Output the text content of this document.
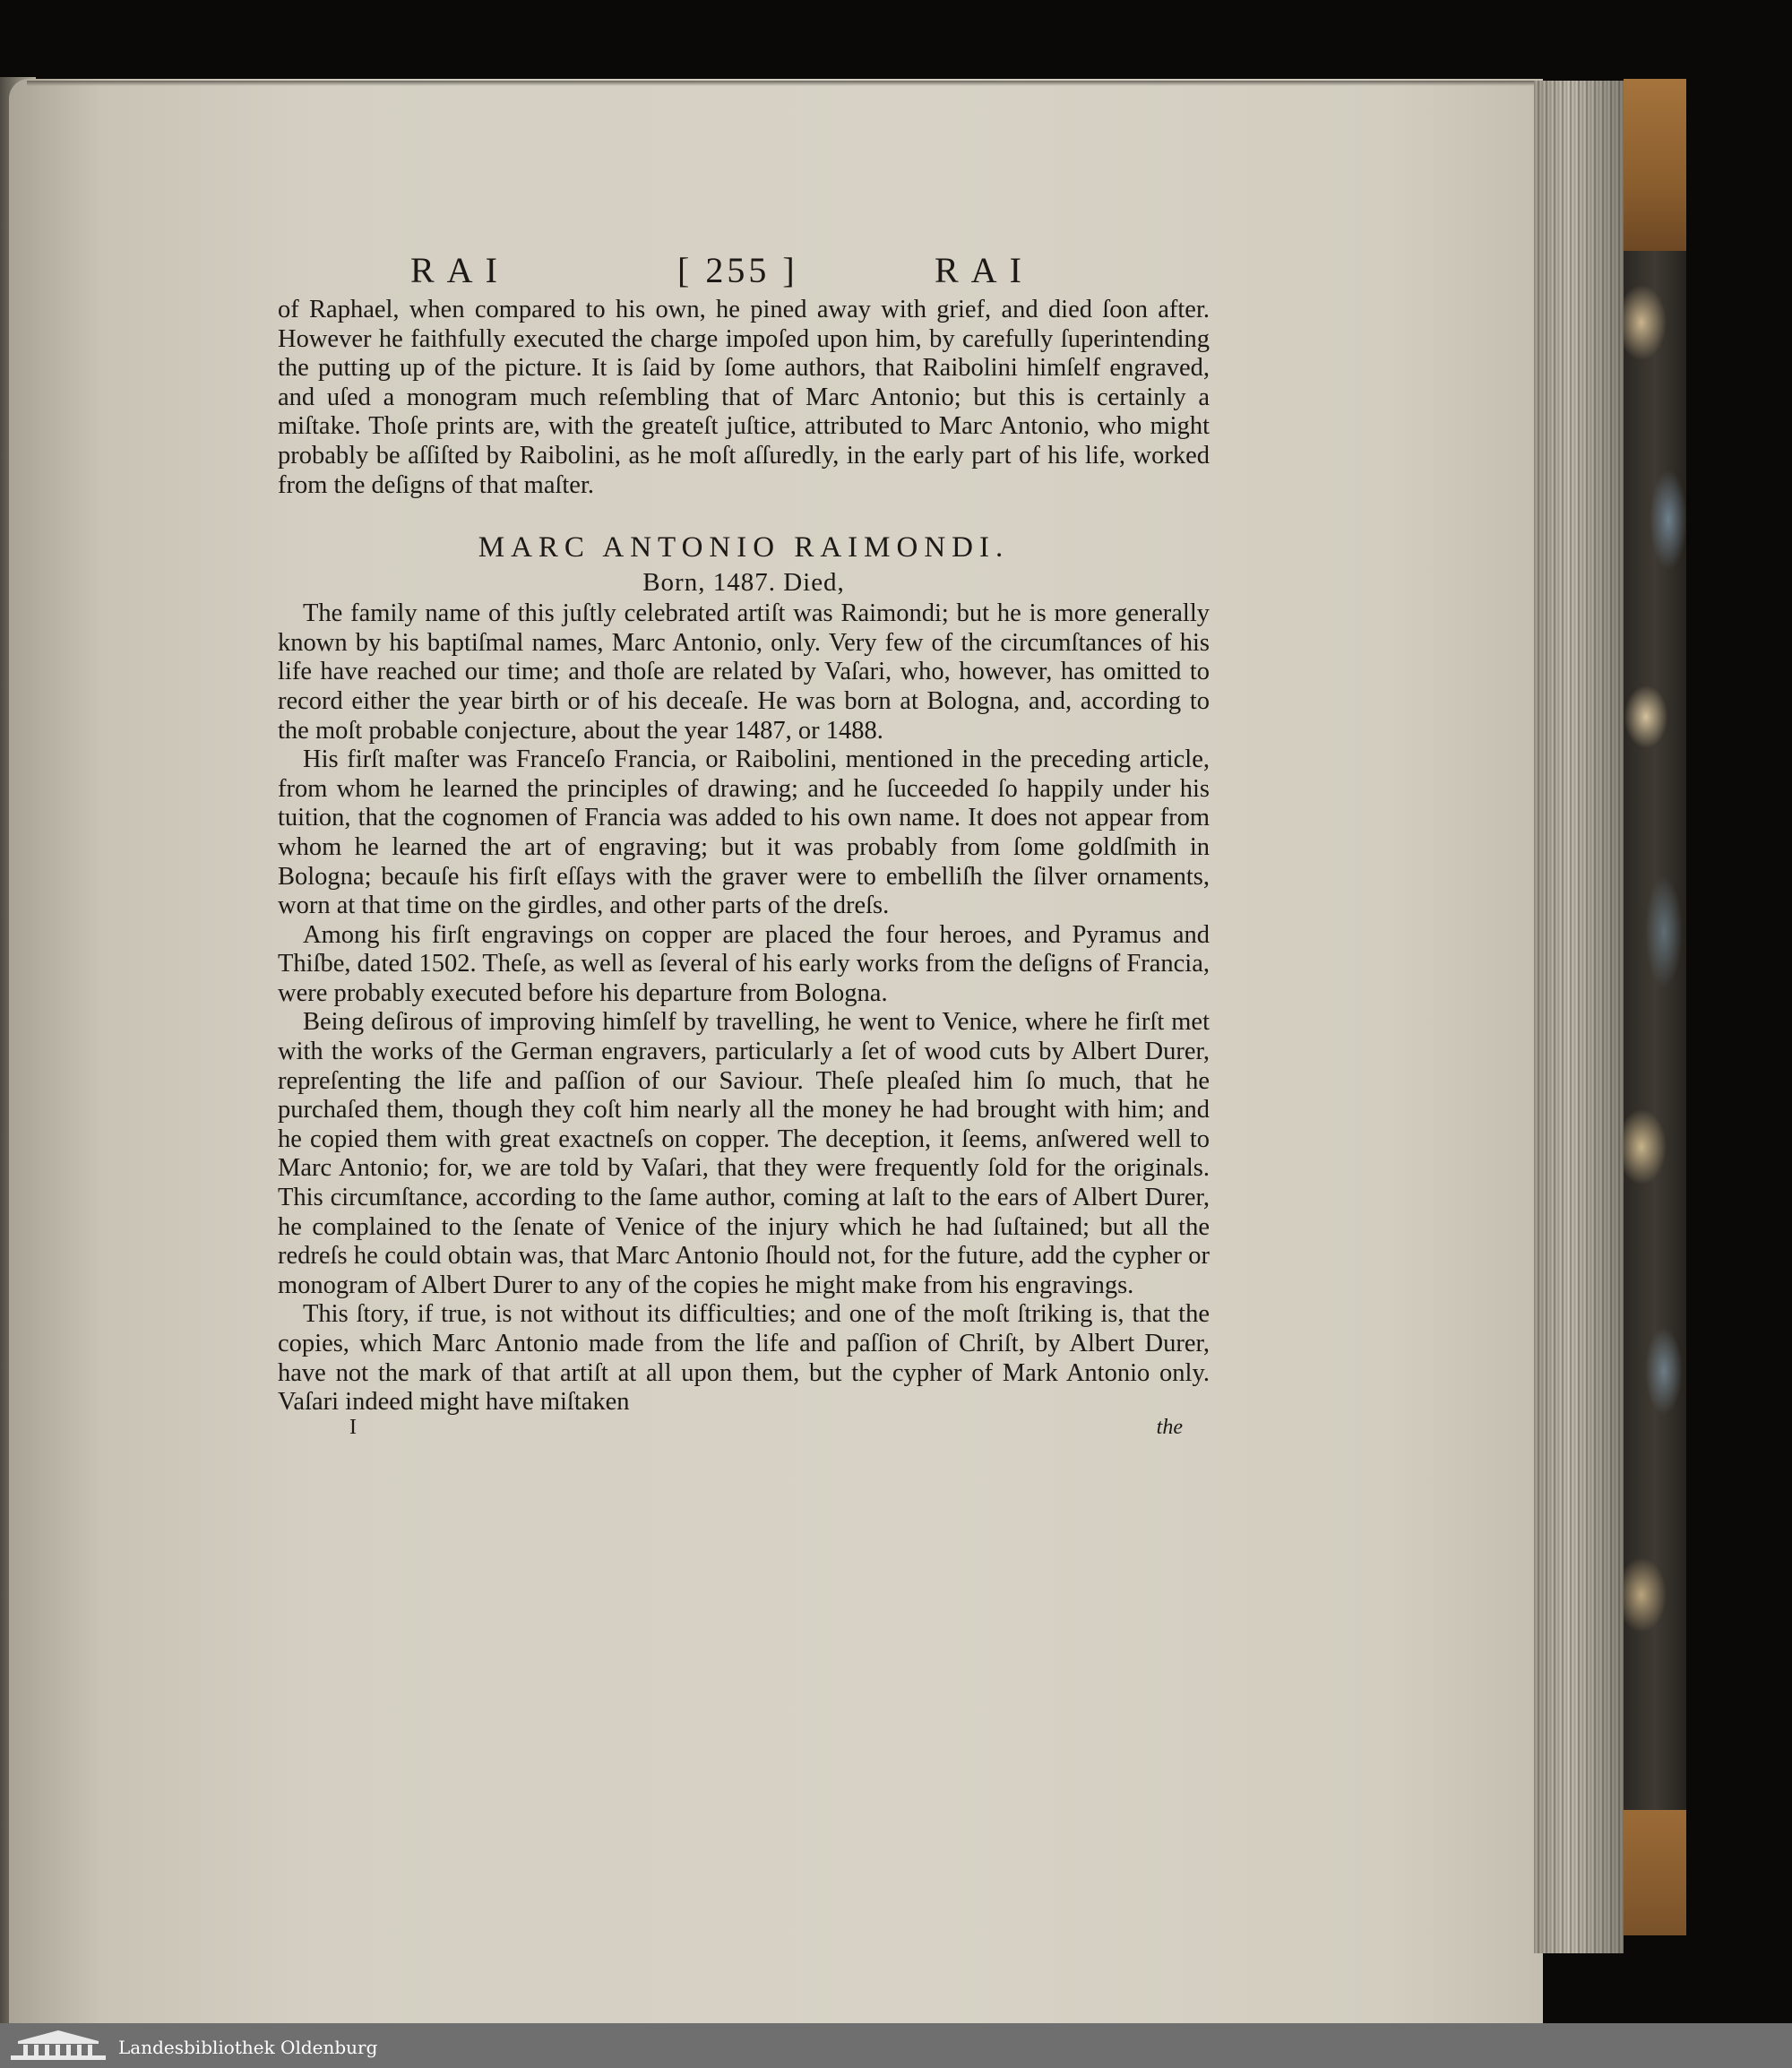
RAI	[ 255 ]	RAI

of Raphael, when compared to his own, he pined away with grief, and died ſoon after. However he faithfully executed the charge impoſed upon him, by carefully ſuperintending the putting up of the picture. It is ſaid by ſome authors, that Raibolini himſelf engraved, and uſed a monogram much reſembling that of Marc Antonio; but this is certainly a miſtake. Thoſe prints are, with the greateſt juſtice, attributed to Marc Antonio, who might probably be aſſiſted by Raibolini, as he moſt aſſuredly, in the early part of his life, worked from the deſigns of that maſter.

MARC ANTONIO RAIMONDI.
Born, 1487. Died,

The family name of this juſtly celebrated artiſt was Raimondi; but he is more generally known by his baptiſmal names, Marc Antonio, only. Very few of the circumſtances of his life have reached our time; and thoſe are related by Vaſari, who, however, has omitted to record either the year birth or of his deceaſe. He was born at Bologna, and, according to the moſt probable conjecture, about the year 1487, or 1488.

His firſt maſter was Franceſo Francia, or Raibolini, mentioned in the preceding article, from whom he learned the principles of drawing; and he ſucceeded ſo happily under his tuition, that the cognomen of Francia was added to his own name. It does not appear from whom he learned the art of engraving; but it was probably from ſome goldſmith in Bologna; becauſe his firſt eſſays with the graver were to embelliſh the ſilver ornaments, worn at that time on the girdles, and other parts of the dreſs.

Among his firſt engravings on copper are placed the four heroes, and Pyramus and Thiſbe, dated 1502. Theſe, as well as ſeveral of his early works from the deſigns of Francia, were probably executed before his departure from Bologna.

Being deſirous of improving himſelf by travelling, he went to Venice, where he firſt met with the works of the German engravers, particularly a ſet of wood cuts by Albert Durer, repreſenting the life and paſſion of our Saviour. Theſe pleaſed him ſo much, that he purchaſed them, though they coſt him nearly all the money he had brought with him; and he copied them with great exactneſs on copper. The deception, it ſeems, anſwered well to Marc Antonio; for, we are told by Vaſari, that they were frequently ſold for the originals. This circumſtance, according to the ſame author, coming at laſt to the ears of Albert Durer, he complained to the ſenate of Venice of the injury which he had ſuſtained; but all the redreſs he could obtain was, that Marc Antonio ſhould not, for the future, add the cypher or monogram of Albert Durer to any of the copies he might make from his engravings.

This ſtory, if true, is not without its difficulties; and one of the moſt ſtriking is, that the copies, which Marc Antonio made from the life and paſſion of Chriſt, by Albert Durer, have not the mark of that artiſt at all upon them, but the cypher of Mark Antonio only. Vaſari indeed might have miſtaken

I	the
Landesbibliothek Oldenburg
